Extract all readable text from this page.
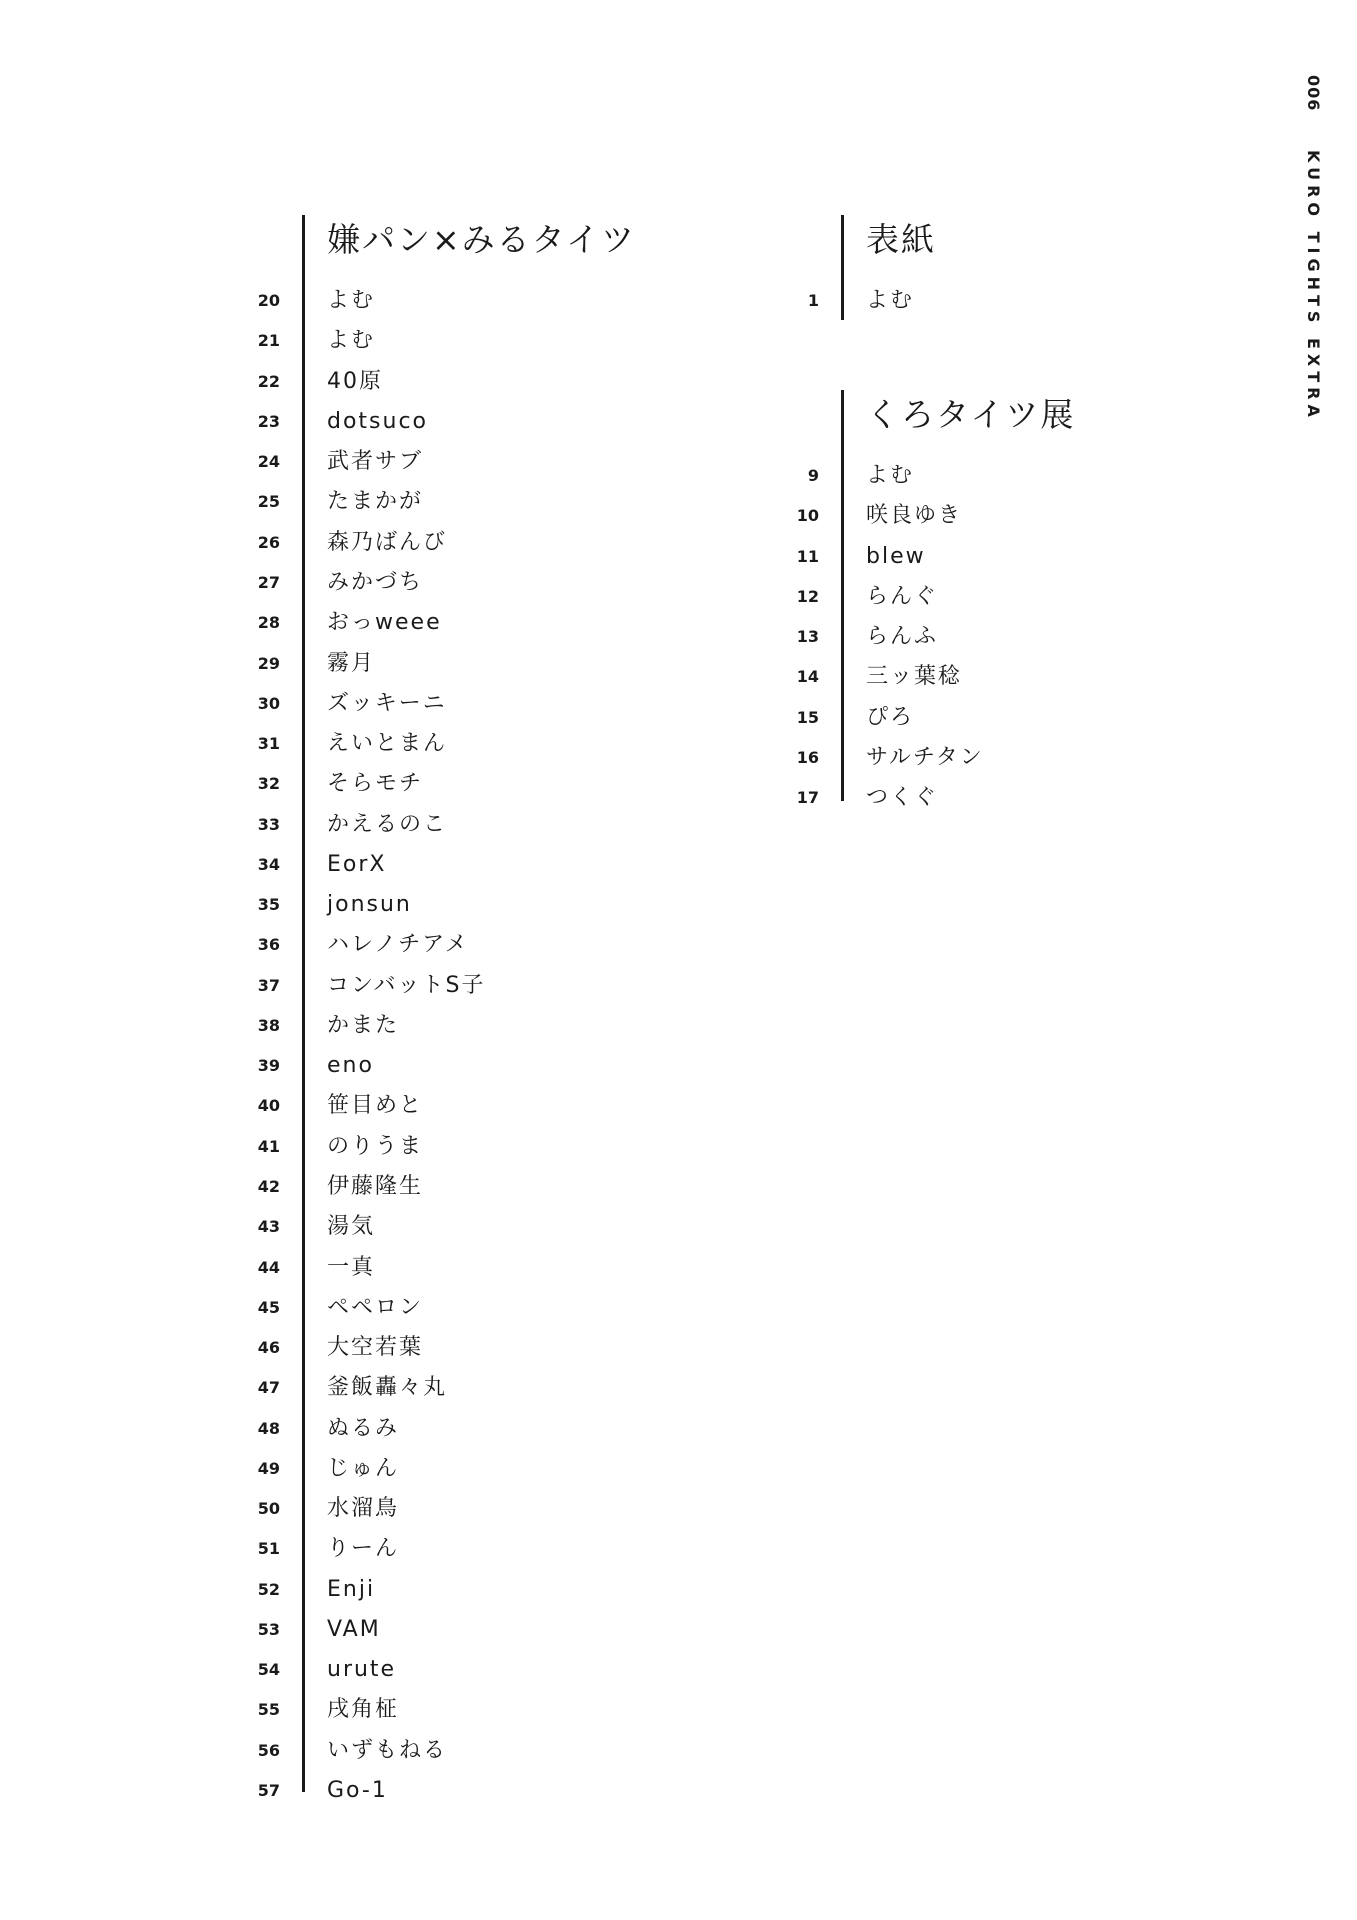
006 KURO TIGHTS EXTRA
嫌パン×みるタイツ
20 よむ
21 よむ
22 40原
23 dotsuco
24 武者サブ
25 たまかが
26 森乃ばんび
27 みかづち
28 おっweee
29 霧月
30 ズッキーニ
31 えいとまん
32 そらモチ
33 かえるのこ
34 EorX
35 jonsun
36 ハレノチアメ
37 コンバットS子
38 かまた
39 eno
40 笹目めと
41 のりうま
42 伊藤隆生
43 湯気
44 一真
45 ペペロン
46 大空若葉
47 釜飯轟々丸
48 ぬるみ
49 じゅん
50 水溜鳥
51 りーん
52 Enji
53 VAM
54 urute
55 戌角柾
56 いずもねる
57 Go-1
表紙
1 よむ
くろタイツ展
9 よむ
10 咲良ゆき
11 blew
12 らんぐ
13 らんふ
14 三ッ葉稔
15 ぴろ
16 サルチタン
17 つくぐ
